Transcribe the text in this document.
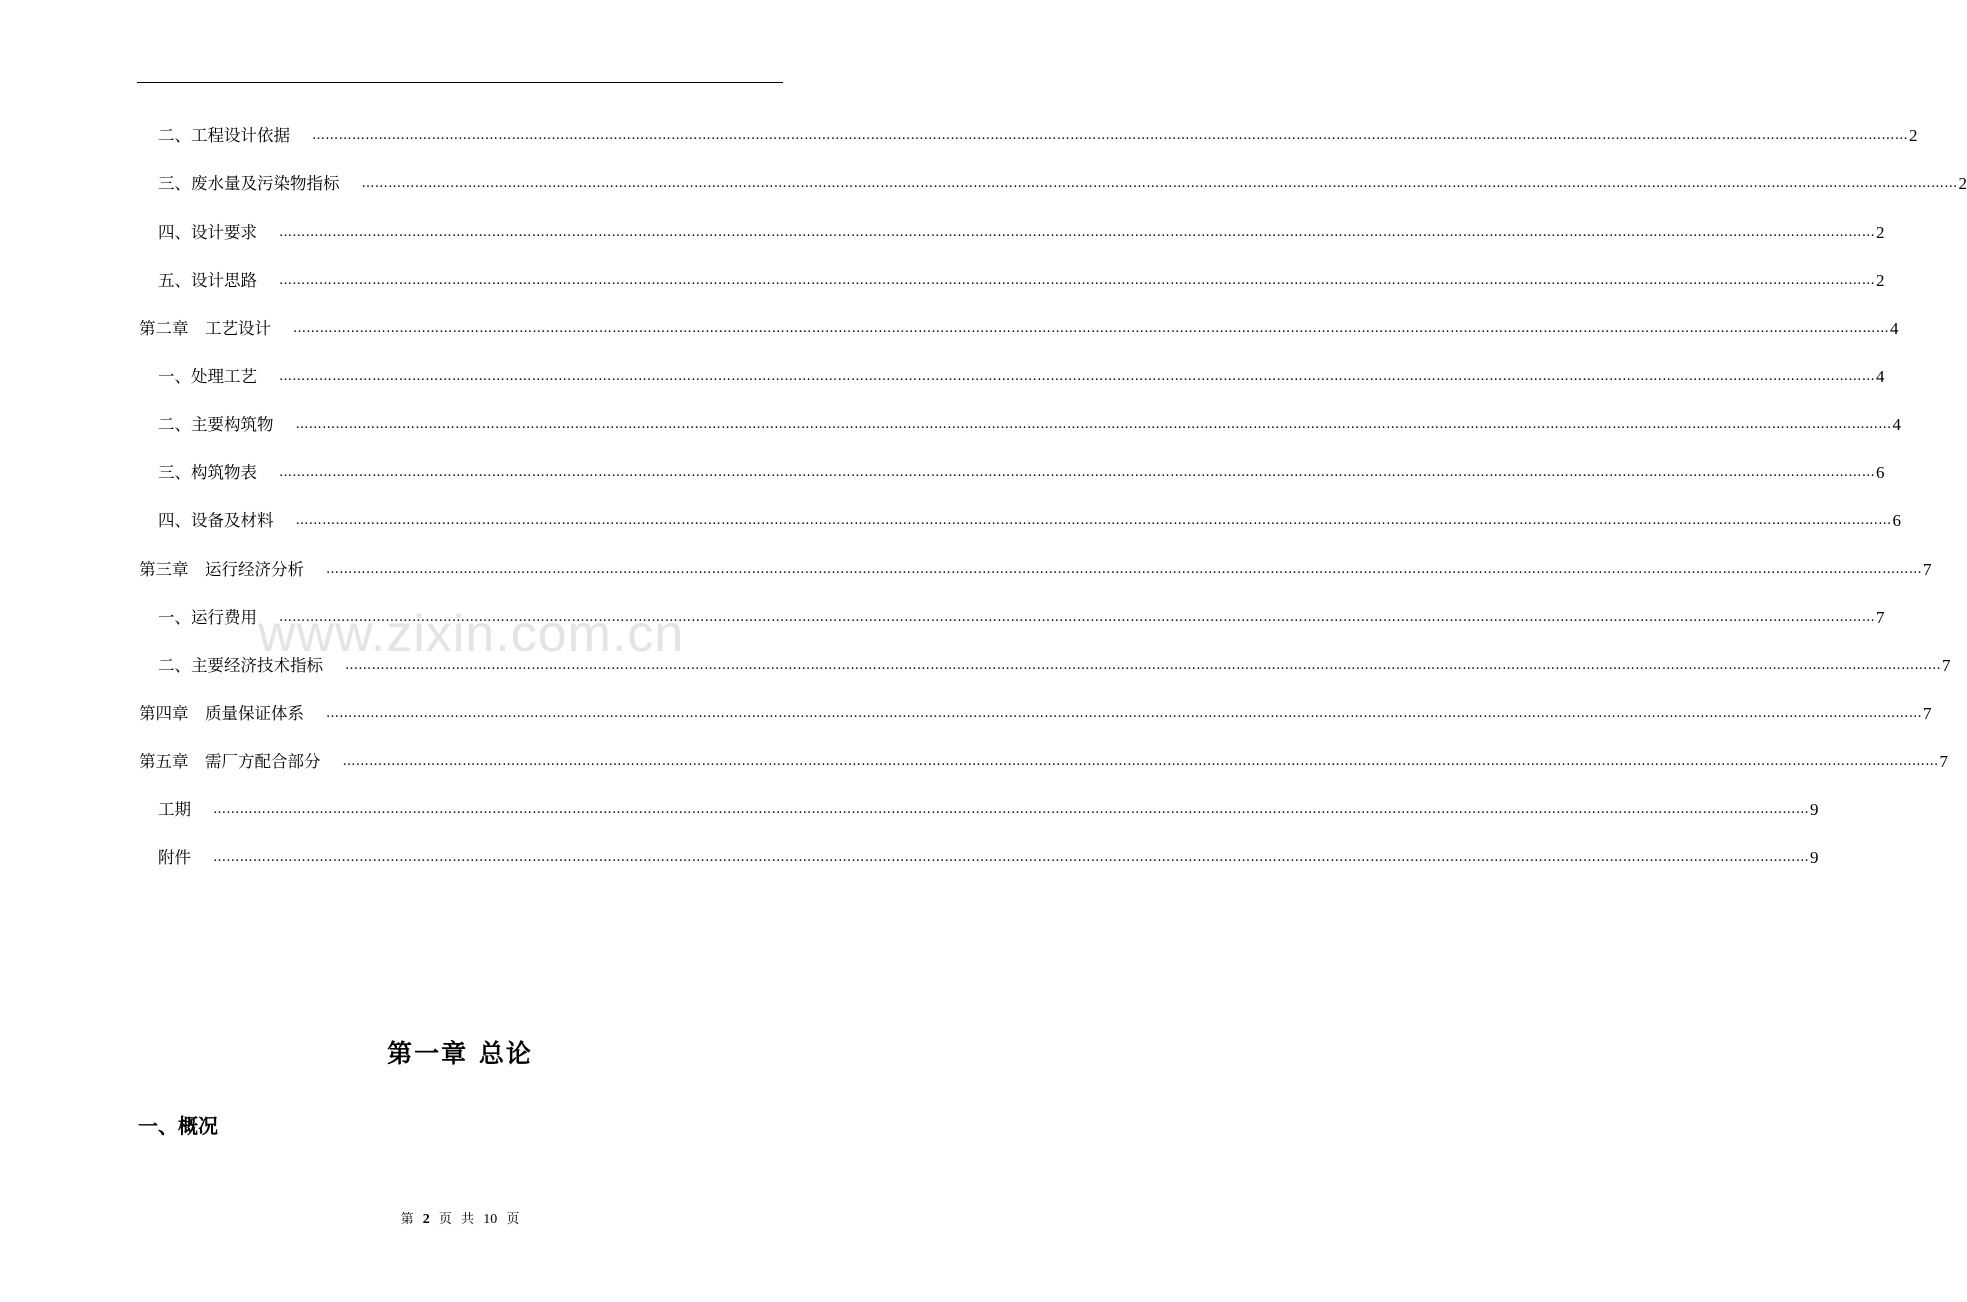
二、工程设计依据	……………………………………………………………………………………………………………………………………………………………………………………………………………………………………………………………………………………………………………………………… 2
三、废水量及污染物指标	……………………………………………………………………………………………………………………………………………………………………………………………………………………………………………………………………………………………………………………………… 2
四、设计要求	……………………………………………………………………………………………………………………………………………………………………………………………………………………………………………………………………………………………………………………………… 2
五、设计思路	……………………………………………………………………………………………………………………………………………………………………………………………………………………………………………………………………………………………………………………………… 2
第二章　工艺设计	……………………………………………………………………………………………………………………………………………………………………………………………………………………………………………………………………………………………………………………………… 4
一、处理工艺	……………………………………………………………………………………………………………………………………………………………………………………………………………………………………………………………………………………………………………………………… 4
二、主要构筑物	……………………………………………………………………………………………………………………………………………………………………………………………………………………………………………………………………………………………………………………………… 4
三、构筑物表	……………………………………………………………………………………………………………………………………………………………………………………………………………………………………………………………………………………………………………………………… 6
四、设备及材料	……………………………………………………………………………………………………………………………………………………………………………………………………………………………………………………………………………………………………………………………… 6
第三章　运行经济分析	……………………………………………………………………………………………………………………………………………………………………………………………………………………………………………………………………………………………………………………………… 7
一、运行费用	……………………………………………………………………………………………………………………………………………………………………………………………………………………………………………………………………………………………………………………………… 7
二、主要经济技术指标	……………………………………………………………………………………………………………………………………………………………………………………………………………………………………………………………………………………………………………………………… 7
第四章　质量保证体系	……………………………………………………………………………………………………………………………………………………………………………………………………………………………………………………………………………………………………………………………… 7
第五章　需厂方配合部分	……………………………………………………………………………………………………………………………………………………………………………………………………………………………………………………………………………………………………………………………… 7
工期	……………………………………………………………………………………………………………………………………………………………………………………………………………………………………………………………………………………………………………………………… 9
附件	……………………………………………………………………………………………………………………………………………………………………………………………………………………………………………………………………………………………………………………………… 9
www.zixin.com.cn
第一章 总论
一、概况
第 2 页 共 10 页
